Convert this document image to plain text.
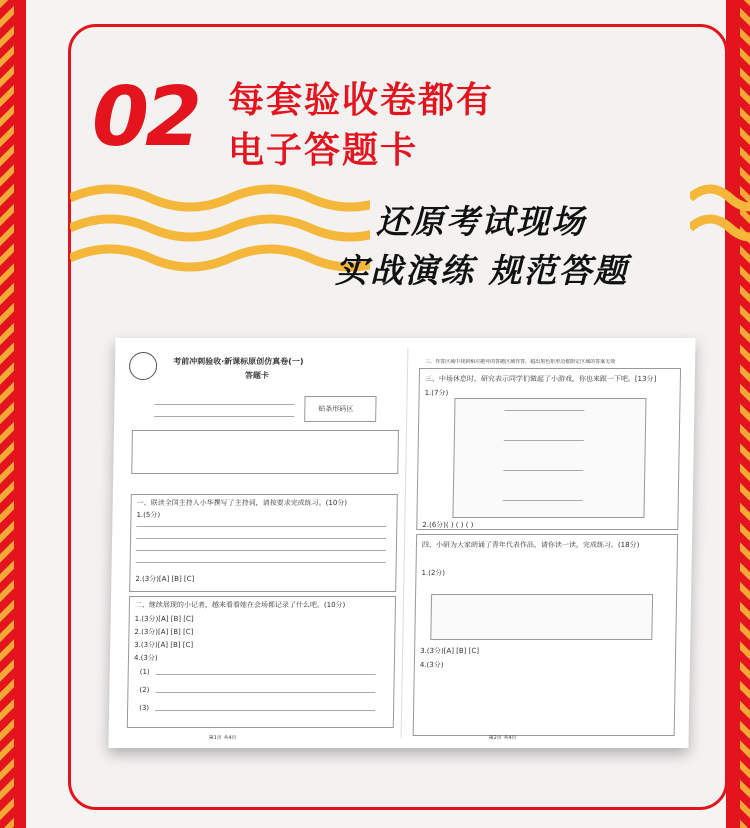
02 每套验收卷都有
电子答题卡
还原考试现场
实战演练 规范答题
考前冲刺验收·新课标原创仿真卷(一)
答题卡
贴条形码区
一、联读全国主持人小华撰写了主持词，请按要求完成练习。(10分)
1.(5分)
2.(3分)[A] [B] [C]
二、继续展现的小记者，越来看看她在会场都记录了什么吧。(10分)
1.(3分)[A] [B] [C]
2.(3分)[A] [B] [C]
3.(3分)[A] [B] [C]
4.(3分)
(1)
(2)
(3)
第1页 共4页
三、作答区域中找到相应题号的答题区域作答，超出黑色矩形边框限定区域的答案无效
三、中场休息时，研究表示同学们做起了小游戏，你也来跟一下吧。[13分]
1.(7分)
2.(6分)( ) ( ) ( )
四、小研为大家朗诵了青年代表作品，请你读一读，完成练习。(18分)
1.(2分)
3.(3分)[A] [B] [C]
4.(3分)
第2页 共4页
